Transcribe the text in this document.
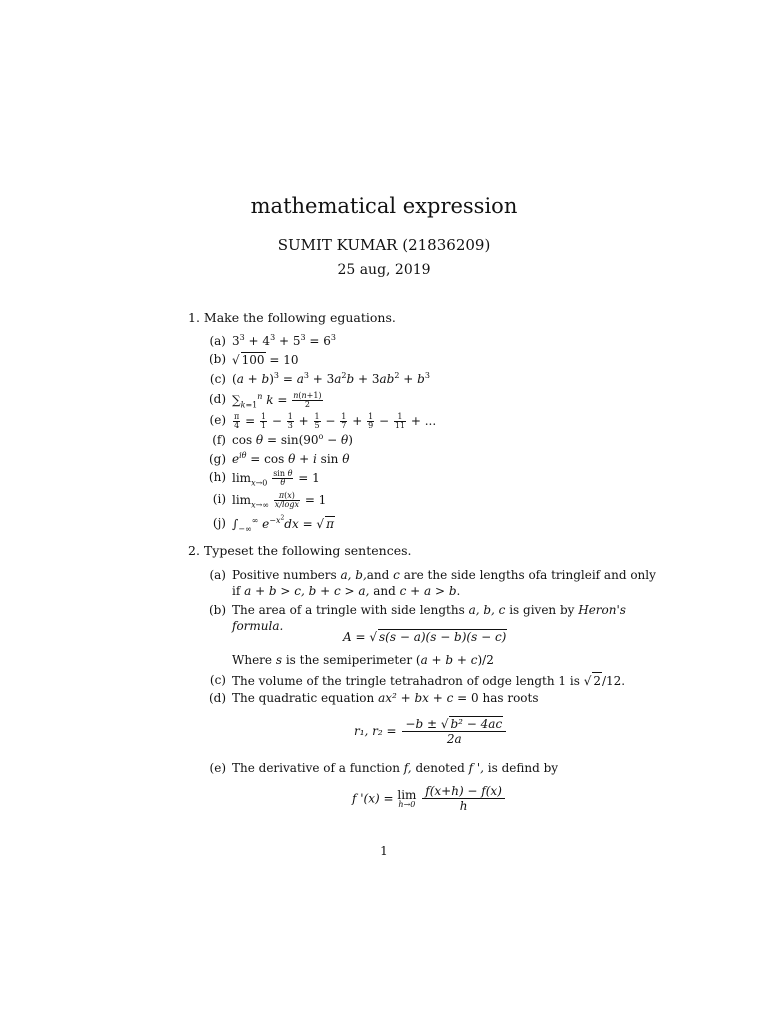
mathematical expression
SUMIT KUMAR (21836209)
25 aug, 2019
1. Make the following eguations.
(a) $3^3 + 4^3 + 5^3 = 6^3$
(b) √ 100 = 10
(c) $(a + b)^3 = a^3 + 3a^2b + 3ab^2 + b^3$
(d) $\sum_{k=1}^n$ $k = \frac{n(n+1)}{2}$
$(e) \frac{\pi}{4} = \frac{1}{1} - \frac{1}{3} + \frac{1}{5} - \frac{1}{7} + \frac{1}{9} - \frac{1}{11}$ + ...
(f) $\cos \theta = \sin(90^o - \theta)$
(g) $e^{i\theta} = \cos \theta + i$ sin θ
(h) $\lim_{x\to 0} \frac{\text{sin θ}}{\theta} = 1$
(i) $\lim_{x\to\infty} \frac{\pi(x)}{x/\log x} = 1$
(j) $\int_{-\infty}^\infty$ $e^{-x^2}dx$ = √ π
2. Typeset the following sentences.
(a) Positive numbers a, b,and c are the side lengths ofa tringleif and only
if a + b > c, b + c > a, and c + a > b.
(b) The area of a tringle with side lengths a, b, c is given by Heron's
formula.
A = √ s(s − a)(s − b)(s − c)
Where s is the semiperimeter (a + b + c)/2
(c) The volume of the tringle tetrahadron of odge length 1 is √ 2/12.
(d) The quadratic equation ax² + bx + c = 0 has roots
r₁, $r_2 = \frac{\text{−b ± √ b² − 4ac}}{2a}$
(e) The derivative of a function f, denoted f ', is defind by
f '(x) = lim
h→0
$\frac{f(x+h) - f(x)}{h}$
1
